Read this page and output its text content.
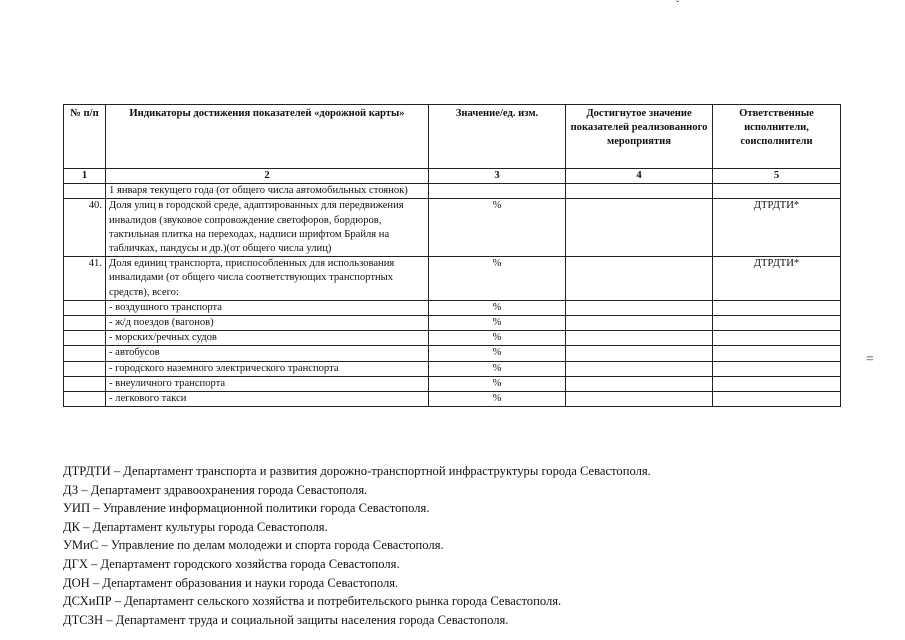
ˇ
=
№ п/п	Индикаторы достижения показателей «дорожной карты»	Значение/ед. изм.	Достигнутое значение показателей реализованного мероприятия	Ответственные исполнители, соисполнители
1	2	3	4	5
	1 января текущего года (от общего числа автомобильных стоянок)			
40.	Доля улиц в городской среде, адаптированных для передвижения инвалидов (звуковое сопровождение светофоров, бордюров, тактильная плитка на переходах, надписи шрифтом Брайля на табличках, пандусы и др.)(от общего числа улиц)	%		ДТРДТИ*
41.	Доля единиц транспорта, приспособленных для использования инвалидами (от общего числа соответствующих транспортных средств), всего:	%		ДТРДТИ*
	- воздушного транспорта	%		
	- ж/д поездов (вагонов)	%		
	- морских/речных судов	%		
	- автобусов	%		
	- городского наземного электрического транспорта	%		
	- внеуличного транспорта	%		
	- легкового такси	%		
ДТРДТИ – Департамент транспорта и развития дорожно-транспортной инфраструктуры города Севастополя.
ДЗ – Департамент здравоохранения города Севастополя.
УИП – Управление информационной политики города Севастополя.
ДК – Департамент культуры города Севастополя.
УМиС – Управление по делам молодежи и спорта города Севастополя.
ДГХ – Департамент городского хозяйства города Севастополя.
ДОН – Департамент образования и науки города Севастополя.
ДСХиПР – Департамент сельского хозяйства и потребительского рынка города Севастополя.
ДТСЗН – Департамент труда и социальной защиты населения города Севастополя.
